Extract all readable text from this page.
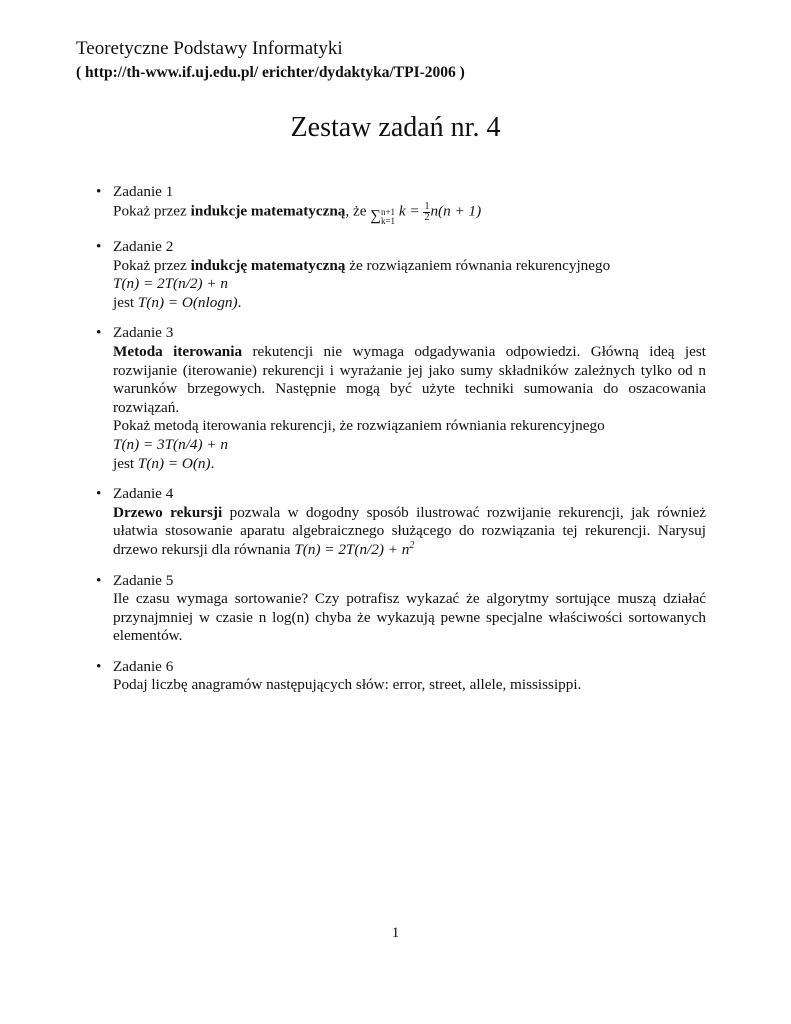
Teoretyczne Podstawy Informatyki
( http://th-www.if.uj.edu.pl/ erichter/dydaktyka/TPI-2006 )
Zestaw zadań nr. 4
• Zadanie 1
Pokaż przez indukcje matematyczną, że ∑ n+1
k=1
$k = \frac{1}{2} n(n + 1)$
• Zadanie 2
Pokaż przez indukcję matematyczną że rozwiązaniem równania rekurencyjnego
T(n) = 2T(n/2) + n
jest T(n) = O(nlogn).
• Zadanie 3
Metoda iterowania rekutencji nie wymaga odgadywania odpowiedzi. Główną ideą jest rozwijanie (iterowanie) rekurencji i wyrażanie jej jako sumy składników zależnych tylko od n warunków brzegowych. Następnie mogą być użyte techniki sumowania do oszacowania rozwiązań.
Pokaż metodą iterowania rekurencji, że rozwiązaniem równiania rekurencyjnego
T(n) = 3T(n/4) + n
jest T(n) = O(n).
• Zadanie 4
Drzewo rekursji pozwala w dogodny sposób ilustrować rozwijanie rekurencji, jak również ułatwia stosowanie aparatu algebraicznego służącego do rozwiązania tej rekurencji. Narysuj drzewo rekursji dla równania $T(n) = 2T(n/2) + n^2$
• Zadanie 5
Ile czasu wymaga sortowanie? Czy potrafisz wykazać że algorytmy sortujące muszą działać przynajmniej w czasie n log(n) chyba że wykazują pewne specjalne właściwości sortowanych elementów.
• Zadanie 6
Podaj liczbę anagramów następujących słów: error, street, allele, mississippi.
1
